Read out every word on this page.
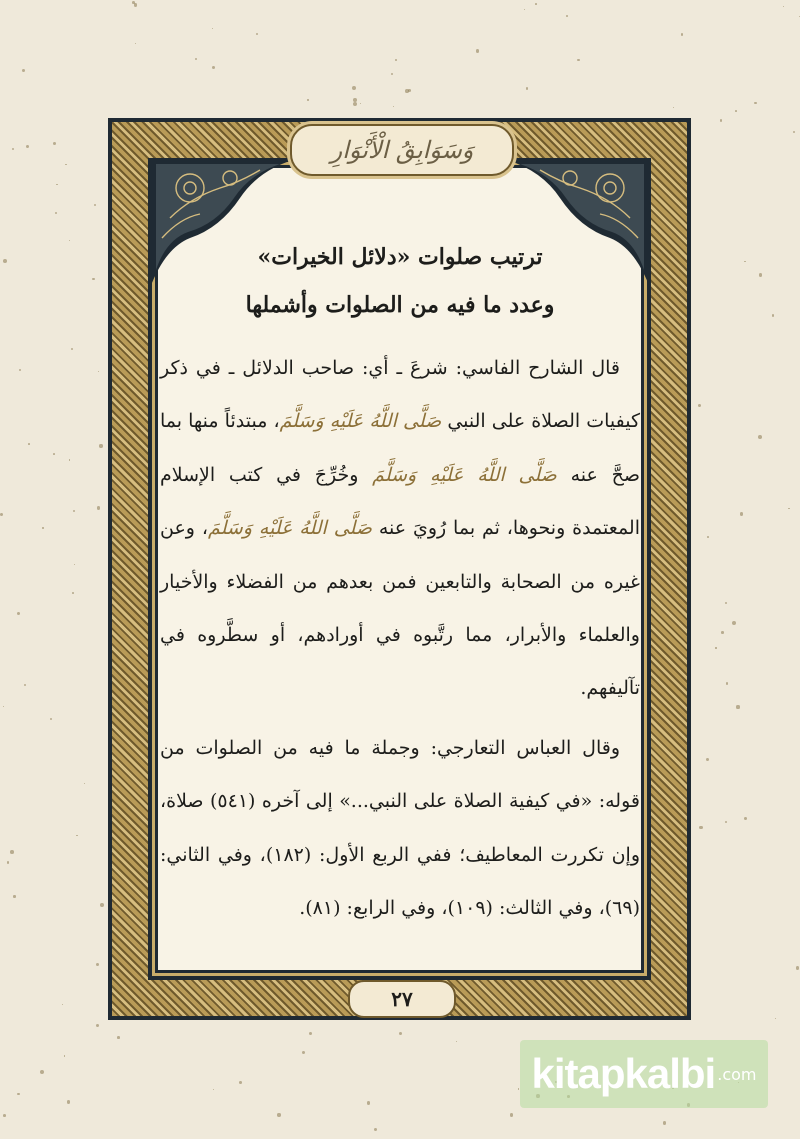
وَسَوَابِقُ الْأَنْوَارِ
ترتيب صلوات «دلائل الخيرات»
وعدد ما فيه من الصلوات وأشملها

قال الشارح الفاسي: شرعَ ـ أي: صاحب الدلائل ـ في ذكر كيفيات الصلاة على النبي صَلَّى اللَّهُ عَلَيْهِ وَسَلَّمَ، مبتدئاً منها بما صحَّ عنه صَلَّى اللَّهُ عَلَيْهِ وَسَلَّمَ وخُرِّجَ في كتب الإسلام المعتمدة ونحوها، ثم بما رُويَ عنه صَلَّى اللَّهُ عَلَيْهِ وَسَلَّمَ، وعن غيره من الصحابة والتابعين فمن بعدهم من الفضلاء والأخيار والعلماء والأبرار، مما رتَّبوه في أورادهم، أو سطَّروه في تآليفهم.

وقال العباس التعارجي: وجملة ما فيه من الصلوات من قوله: «في كيفية الصلاة على النبي...» إلى آخره (٥٤١) صلاة، وإن تكررت المعاطيف؛ ففي الربع الأول: (١٨٢)، وفي الثاني: (٦٩)، وفي الثالث: (١٠٩)، وفي الرابع: (٨١).

٢٧
kitapkalbi .com
